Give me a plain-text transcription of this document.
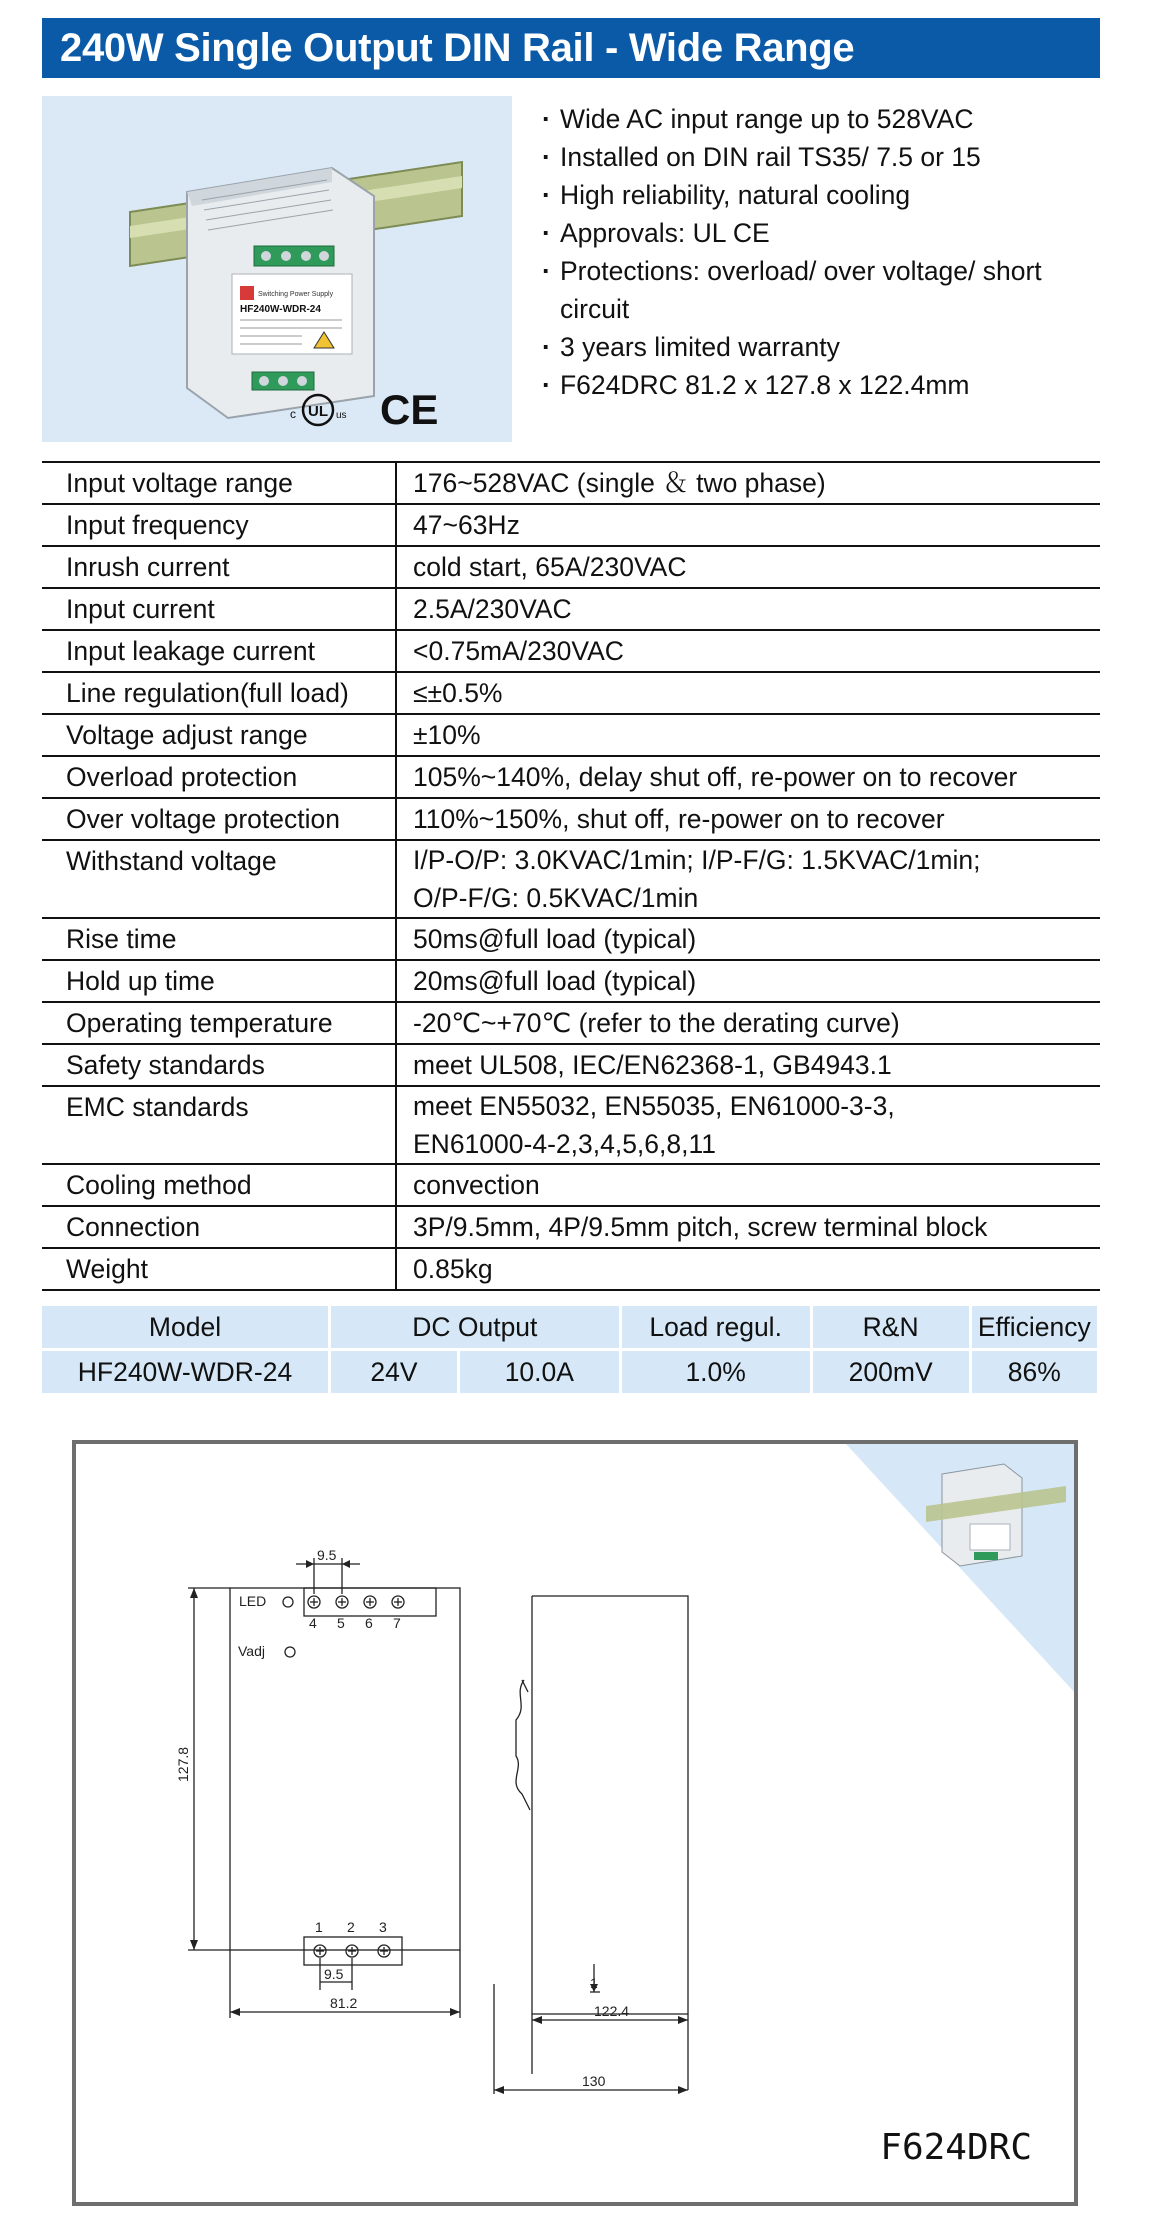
240W Single Output DIN Rail - Wide Range
Switching Power Supply
HF240W-WDR-24
UL
c	us CE
· Wide AC input range up to 528VAC
· Installed on DIN rail TS35/ 7.5 or 15
· High reliability, natural cooling
· Approvals: UL CE
· Protections: overload/ over voltage/ short circuit
· 3 years limited warranty
· F624DRC 81.2 x 127.8 x 122.4mm
Input voltage range	176~528VAC (single ＆ two phase)
Input frequency	47~63Hz
Inrush current	cold start, 65A/230VAC
Input current	2.5A/230VAC
Input leakage current	<0.75mA/230VAC
Line regulation(full load)	≤±0.5%
Voltage adjust range	±10%
Overload protection	105%~140%, delay shut off, re-power on to recover
Over voltage protection	110%~150%, shut off, re-power on to recover
Withstand voltage	I/P-O/P: 3.0KVAC/1min; I/P-F/G: 1.5KVAC/1min;
O/P-F/G: 0.5KVAC/1min

Rise time	50ms@full load (typical)
Hold up time	20ms@full load (typical)
Operating temperature	-20℃~+70℃ (refer to the derating curve)
Safety standards	meet UL508, IEC/EN62368-1, GB4943.1
EMC standards	meet EN55032, EN55035, EN61000-3-3,
EN61000-4-2,3,4,5,6,8,11

Cooling method	convection
Connection	3P/9.5mm, 4P/9.5mm pitch, screw terminal block
Weight	0.85kg
Model	DC Output		Load regul.	R&N	Efficiency
HF240W-WDR-24	24V	10.0A	1.0%	200mV	86%
9.5
LED
Vadj
4 5 6 7
1 2 3
9.5
81.2
127.8
1
122.4
130
F624DRC
